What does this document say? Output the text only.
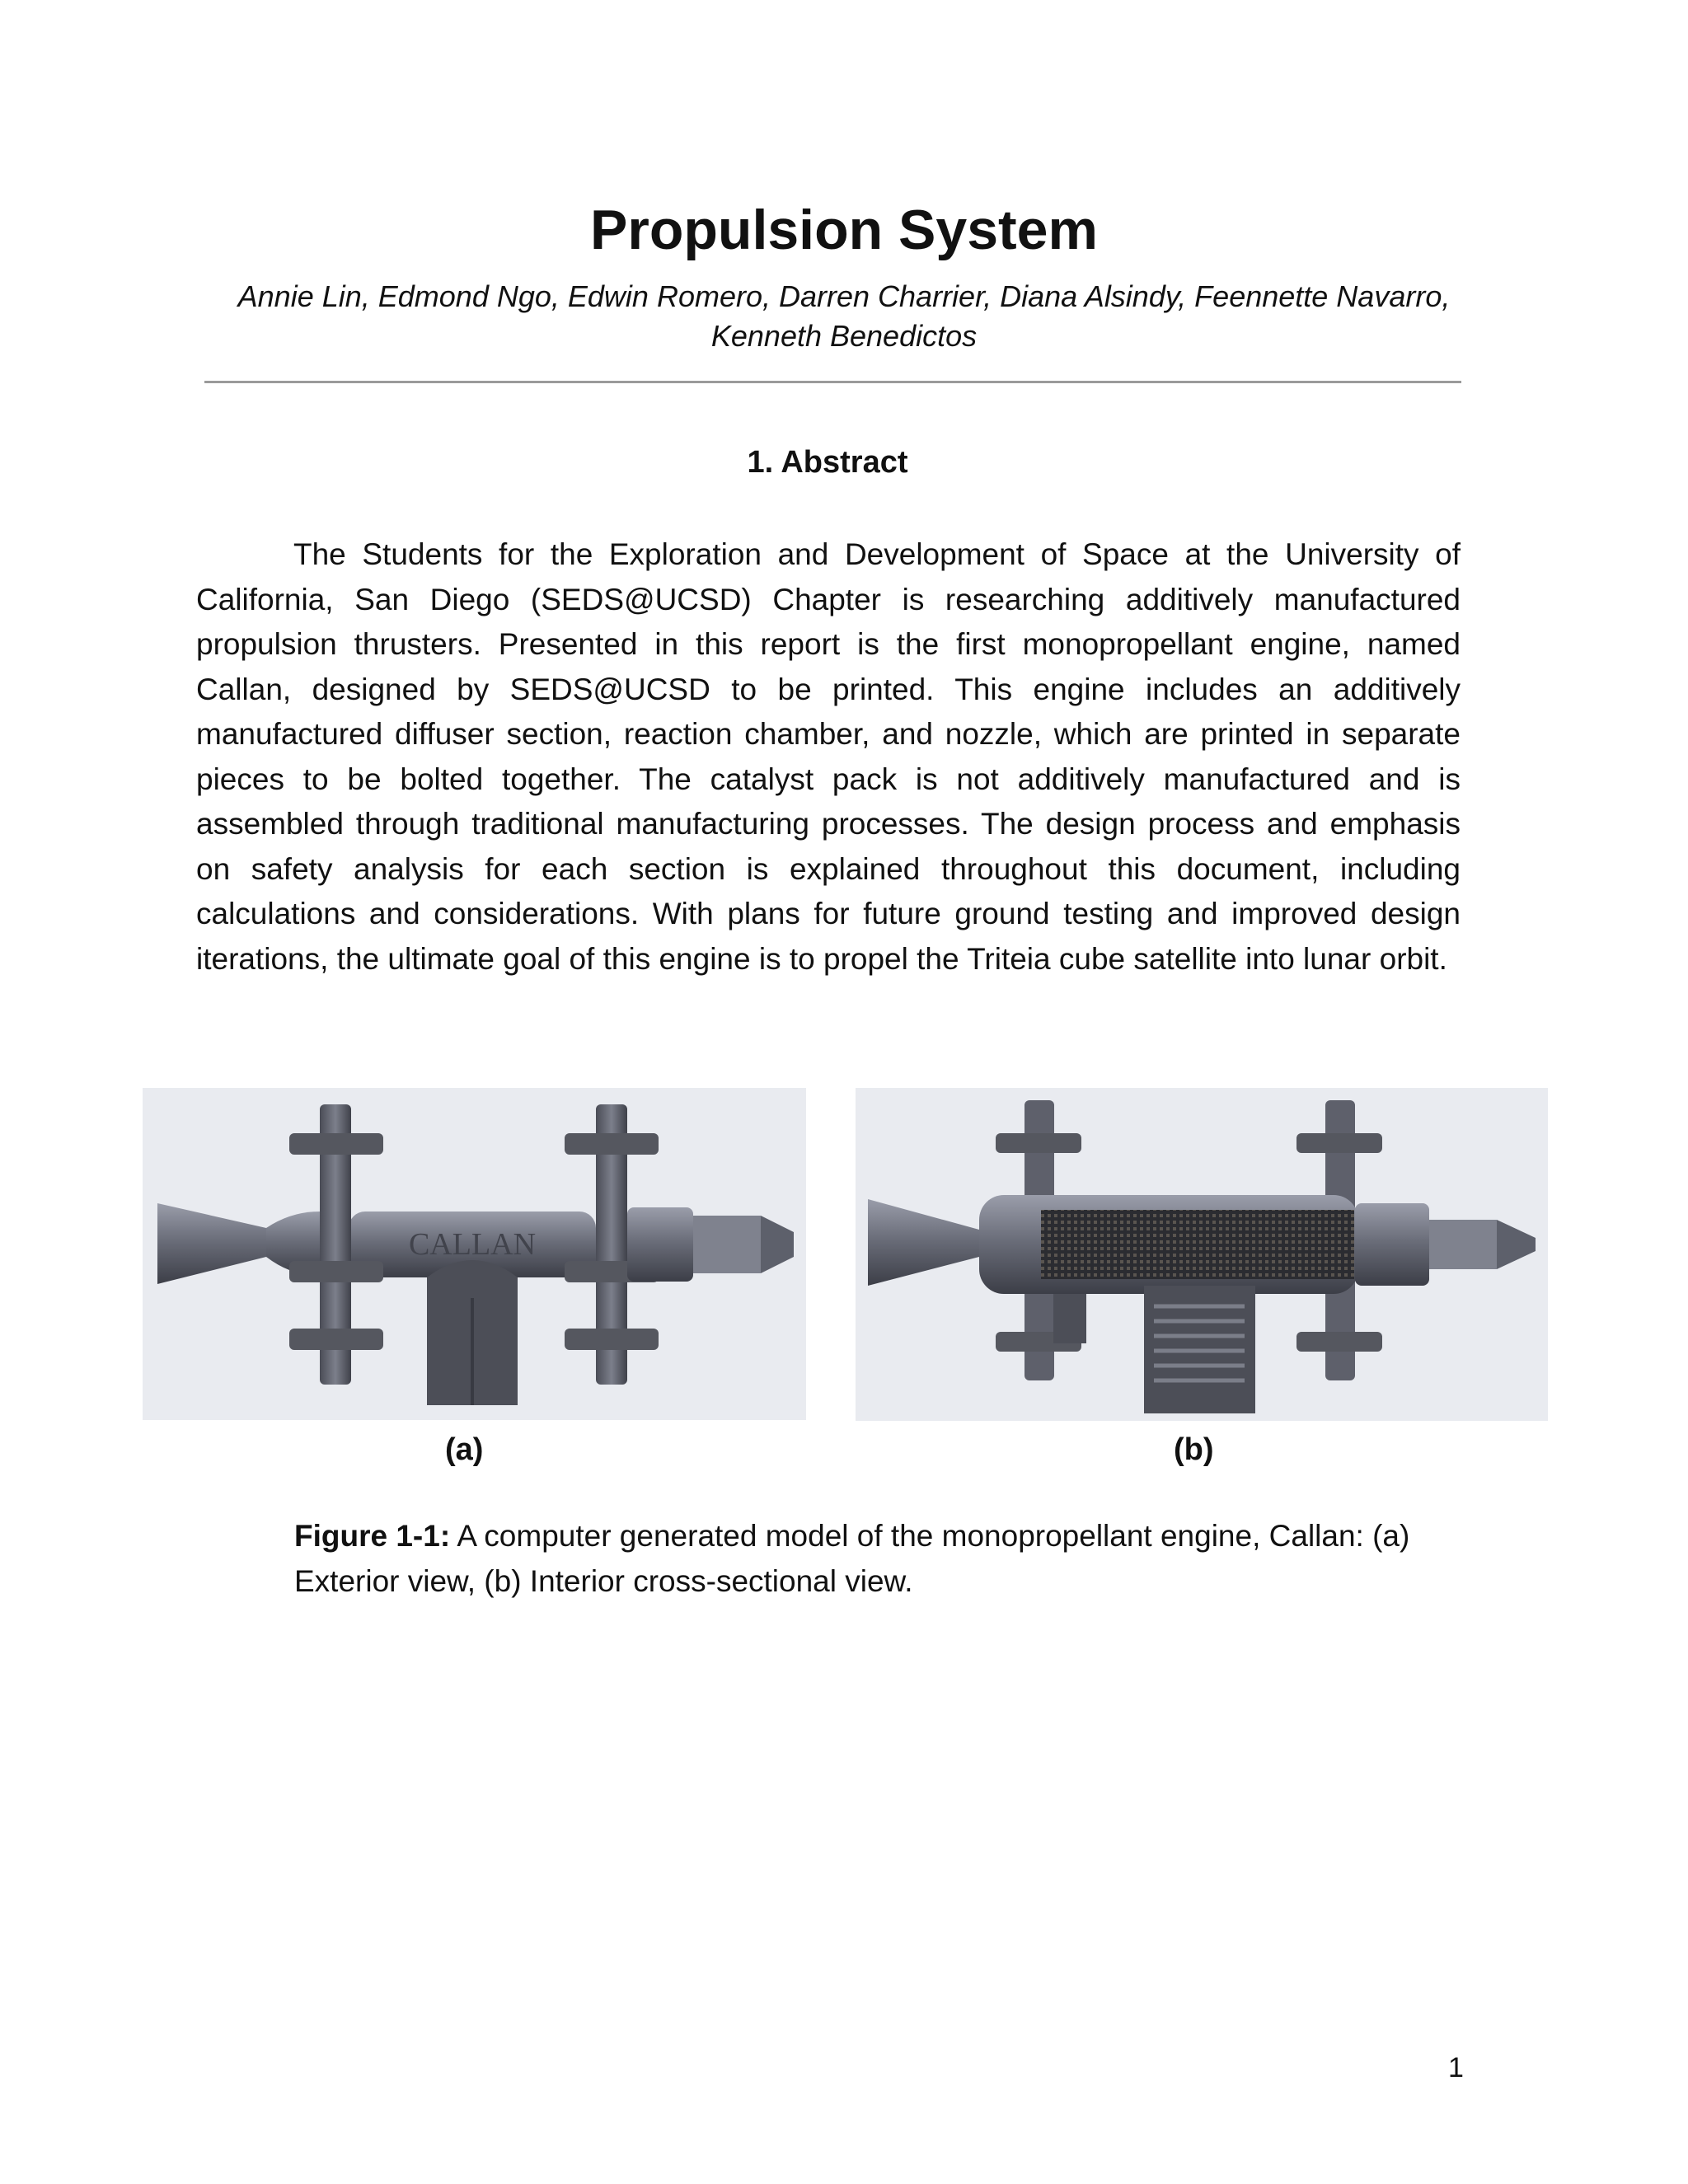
Propulsion System
Annie Lin, Edmond Ngo, Edwin Romero, Darren Charrier, Diana Alsindy, Feennette Navarro,
Kenneth Benedictos
1. Abstract

The Students for the Exploration and Development of Space at the University of California, San Diego (SEDS@UCSD) Chapter is researching additively manufactured propulsion thrusters. Presented in this report is the first monopropellant engine, named Callan, designed by SEDS@UCSD to be printed. This engine includes an additively manufactured diffuser section, reaction chamber, and nozzle, which are printed in separate pieces to be bolted together. The catalyst pack is not additively manufactured and is assembled through traditional manufacturing processes. The design process and emphasis on safety analysis for each section is explained throughout this document, including calculations and considerations. With plans for future ground testing and improved design iterations, the ultimate goal of this engine is to propel the Triteia cube satellite into lunar orbit.

CALLAN
(a)	(b)

Figure 1-1: A computer generated model of the monopropellant engine, Callan: (a) Exterior view, (b) Interior cross-sectional view.

1
